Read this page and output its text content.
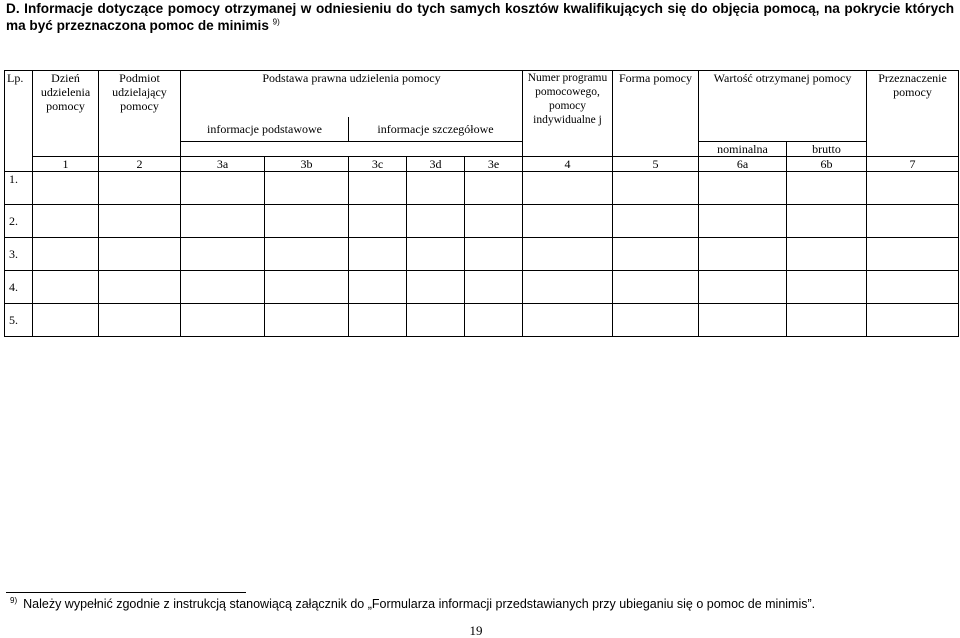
D. Informacje dotyczące pomocy otrzymanej w odniesieniu do tych samych kosztów kwalifikujących się do objęcia pomocą, na pokrycie których ma być przeznaczona pomoc de minimis $^{9)}$
Lp.	Dzień udzielenia pomocy	Podmiot udzielający pomocy	Podstawa prawna udzielenia pomocy					Numer programu pomocowego, pomocy indywidualne j	Forma pomocy	Wartość otrzymanej pomocy		Przeznaczenie pomocy
			informacje podstawowe		informacje szczegółowe							
										nominalna	brutto	
	1	2	3a	3b	3c	3d	3e	4	5	6a	6b	7
1.												
2.												
3.												
4.												
5.												
$^{9)}$ Należy wypełnić zgodnie z instrukcją stanowiącą załącznik do „Formularza informacji przedstawianych przy ubieganiu się o pomoc de minimis”.
19
